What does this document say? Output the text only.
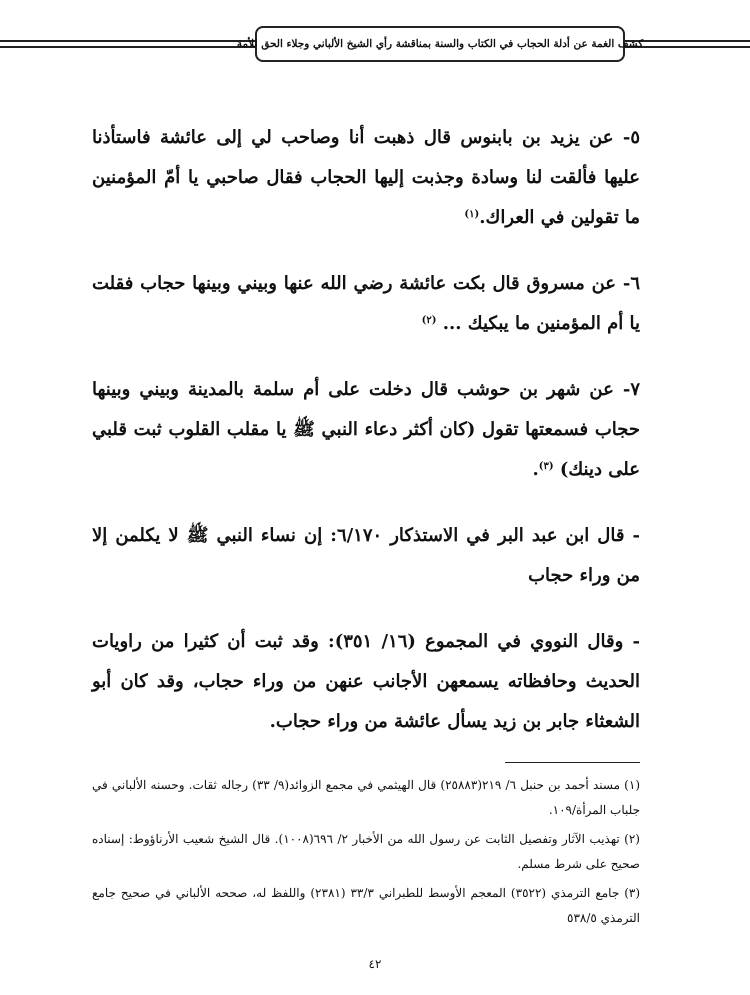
كشف الغمة عن أدلة الحجاب في الكتاب والسنة بمناقشة رأي الشيخ الألباني وجلاء الحق للأمة

٥- عن يزيد بن بابنوس قال ذهبت أنا وصاحب لي إلى عائشة فاستأذنا عليها فألقت لنا وسادة وجذبت إليها الحجاب فقال صاحبي يا أمّ المؤمنين ما تقولين في العراك.$^{(١)}$

٦- عن مسروق قال بكت عائشة رضي الله عنها وبيني وبينها حجاب فقلت يا أم المؤمنين ما يبكيك ... $^{(٢)}$

٧- عن شهر بن حوشب قال دخلت على أم سلمة بالمدينة وبيني وبينها حجاب فسمعتها تقول (كان أكثر دعاء النبي ﷺ يا مقلب القلوب ثبت قلبي على دينك) $^{(٣)}$.

- قال ابن عبد البر في الاستذكار ٦/١٧٠: إن نساء النبي ﷺ لا يكلمن إلا من وراء حجاب

- وقال النووي في المجموع (١٦/ ٣٥١): وقد ثبت أن كثيرا من راويات الحديث وحافظاته يسمعهن الأجانب عنهن من وراء حجاب، وقد كان أبو الشعثاء جابر بن زيد يسأل عائشة من وراء حجاب.

(١) مسند أحمد بن حنبل ٦/ ٢١٩(٢٥٨٨٣) قال الهيثمي في مجمع الزوائد(٩/ ٣٣) رجاله ثقات. وحسنه الألباني في جلباب المرأة/١٠٩.

(٢) تهذيب الآثار وتفصيل الثابت عن رسول الله من الأخبار ٢/ ٦٩٦(١٠٠٨). قال الشيخ شعيب الأرناؤوط: إسناده صحيح على شرط مسلم.

(٣) جامع الترمذي (٣٥٢٢) المعجم الأوسط للطبراني ٣٣/٣ (٢٣٨١) واللفظ له، صححه الألباني في صحيح جامع الترمذي ٥٣٨/٥

٤٢
